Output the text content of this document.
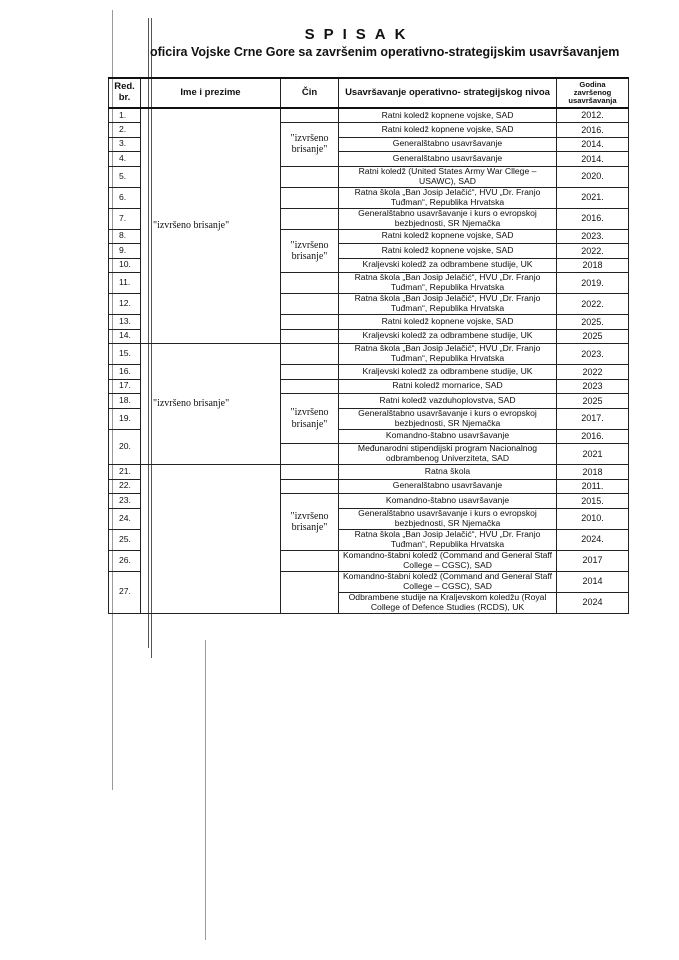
SPISAK
oficira Vojske Crne Gore sa završenim operativno-strategijskim usavršavanjem
Red. br.	Ime i prezime	Čin	Usavršavanje operativno- strategijskog nivoa	Godina završenog usavršavanja
1.	"izvršeno brisanje"		Ratni koledž kopnene vojske, SAD	2012.
2.		"izvršeno brisanje"	Ratni koledž kopnene vojske, SAD	2016.
3.			Generalštabno usavršavanje	2014.
4.			Generalštabno usavršavanje	2014.
5.			Ratni koledž (United States Army War Cllege – USAWC), SAD	2020.
6.			Ratna škola „Ban Josip Jelačić“, HVU „Dr. Franjo Tuđman“, Republika Hrvatska	2021.
7.			Generalštabno usavršavanje i kurs o evropskoj bezbjednosti, SR Njemačka	2016.
8.		"izvršeno brisanje"	Ratni koledž kopnene vojske, SAD	2023.
9.			Ratni koledž kopnene vojske, SAD	2022.
10.			Kraljevski koledž za odbrambene studije, UK	2018
11.			Ratna škola „Ban Josip Jelačić“, HVU „Dr. Franjo Tuđman“, Republika Hrvatska	2019.
12.			Ratna škola „Ban Josip Jelačić“, HVU „Dr. Franjo Tuđman“, Republika Hrvatska	2022.
13.			Ratni koledž kopnene vojske, SAD	2025.
14.			Kraljevski koledž za odbrambene studije, UK	2025
15.	"izvršeno brisanje"		Ratna škola „Ban Josip Jelačić“, HVU „Dr. Franjo Tuđman“, Republika Hrvatska	2023.
16.			Kraljevski koledž za odbrambene studije, UK	2022
17.			Ratni koledž mornarice, SAD	2023
18.		"izvršeno brisanje"	Ratni koledž vazduhoplovstva, SAD	2025
19.			Generalštabno usavršavanje i kurs o evropskoj bezbjednosti, SR Njemačka	2017.
20.			Komandno-štabno usavršavanje	2016.
			Međunarodni stipendijski program Nacionalnog odbrambenog Univerziteta, SAD	2021
21.			Ratna škola	2018
22.			Generalštabno usavršavanje	2011.
23.		"izvršeno brisanje"	Komandno-štabno usavršavanje	2015.
24.			Generalštabno usavršavanje i kurs o evropskoj bezbjednosti, SR Njemačka	2010.
25.			Ratna škola „Ban Josip Jelačić“, HVU „Dr. Franjo Tuđman“, Republika Hrvatska	2024.
26.			Komandno-štabni koledž (Command and General Staff College – CGSC), SAD	2017
27.			Komandno-štabni koledž (Command and General Staff College – CGSC), SAD	2014
			Odbrambene studije na Kraljevskom koledžu (Royal College of Defence Studies (RCDS), UK	2024
